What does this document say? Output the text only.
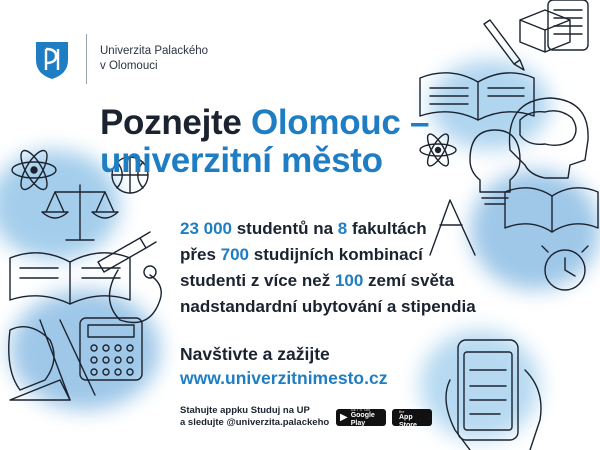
Univerzita Palackého
v Olomouci
Poznejte Olomouc –
univerzitní město
23 000 studentů na 8 fakultách
přes 700 studijních kombinací
studenti z více než 100 zemí světa
nadstandardní ubytování a stipendia
Navštivte a zažijte
www.univerzitnimesto.cz
Stahujte appku Studuj na UP
a sledujte @univerzita.palackeho ▶
GET IT ON
Google Play
Download on the
App Store
